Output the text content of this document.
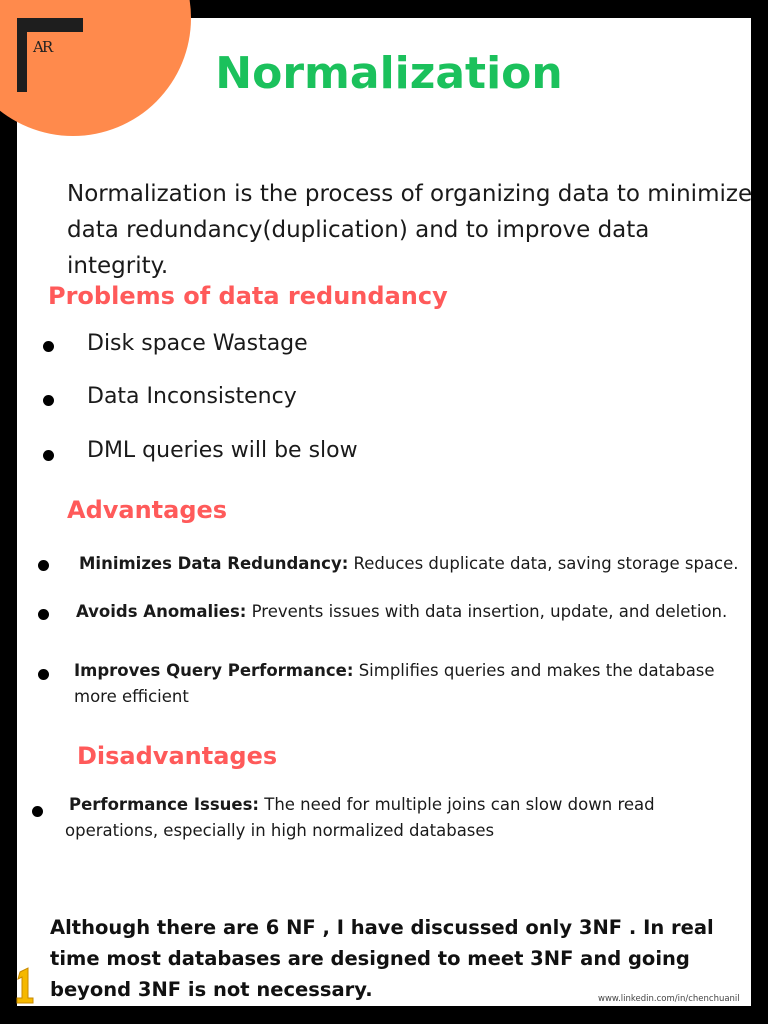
AR
Normalization
Normalization is the process of organizing data to minimize data redundancy(duplication) and to improve data integrity.
Problems of data redundancy
Disk space Wastage
Data Inconsistency
DML queries will be slow
Advantages
Minimizes Data Redundancy: Reduces duplicate data, saving storage space.
Avoids Anomalies: Prevents issues with data insertion, update, and deletion.
Improves Query Performance: Simplifies queries and makes the database more efficient
Disadvantages
Performance Issues: The need for multiple joins can slow down read operations, especially in high normalized databases
Although there are 6 NF , I have discussed only 3NF . In real time most databases are designed to meet 3NF and going beyond 3NF is not necessary.	www.linkedin.com/in/chenchuanil
